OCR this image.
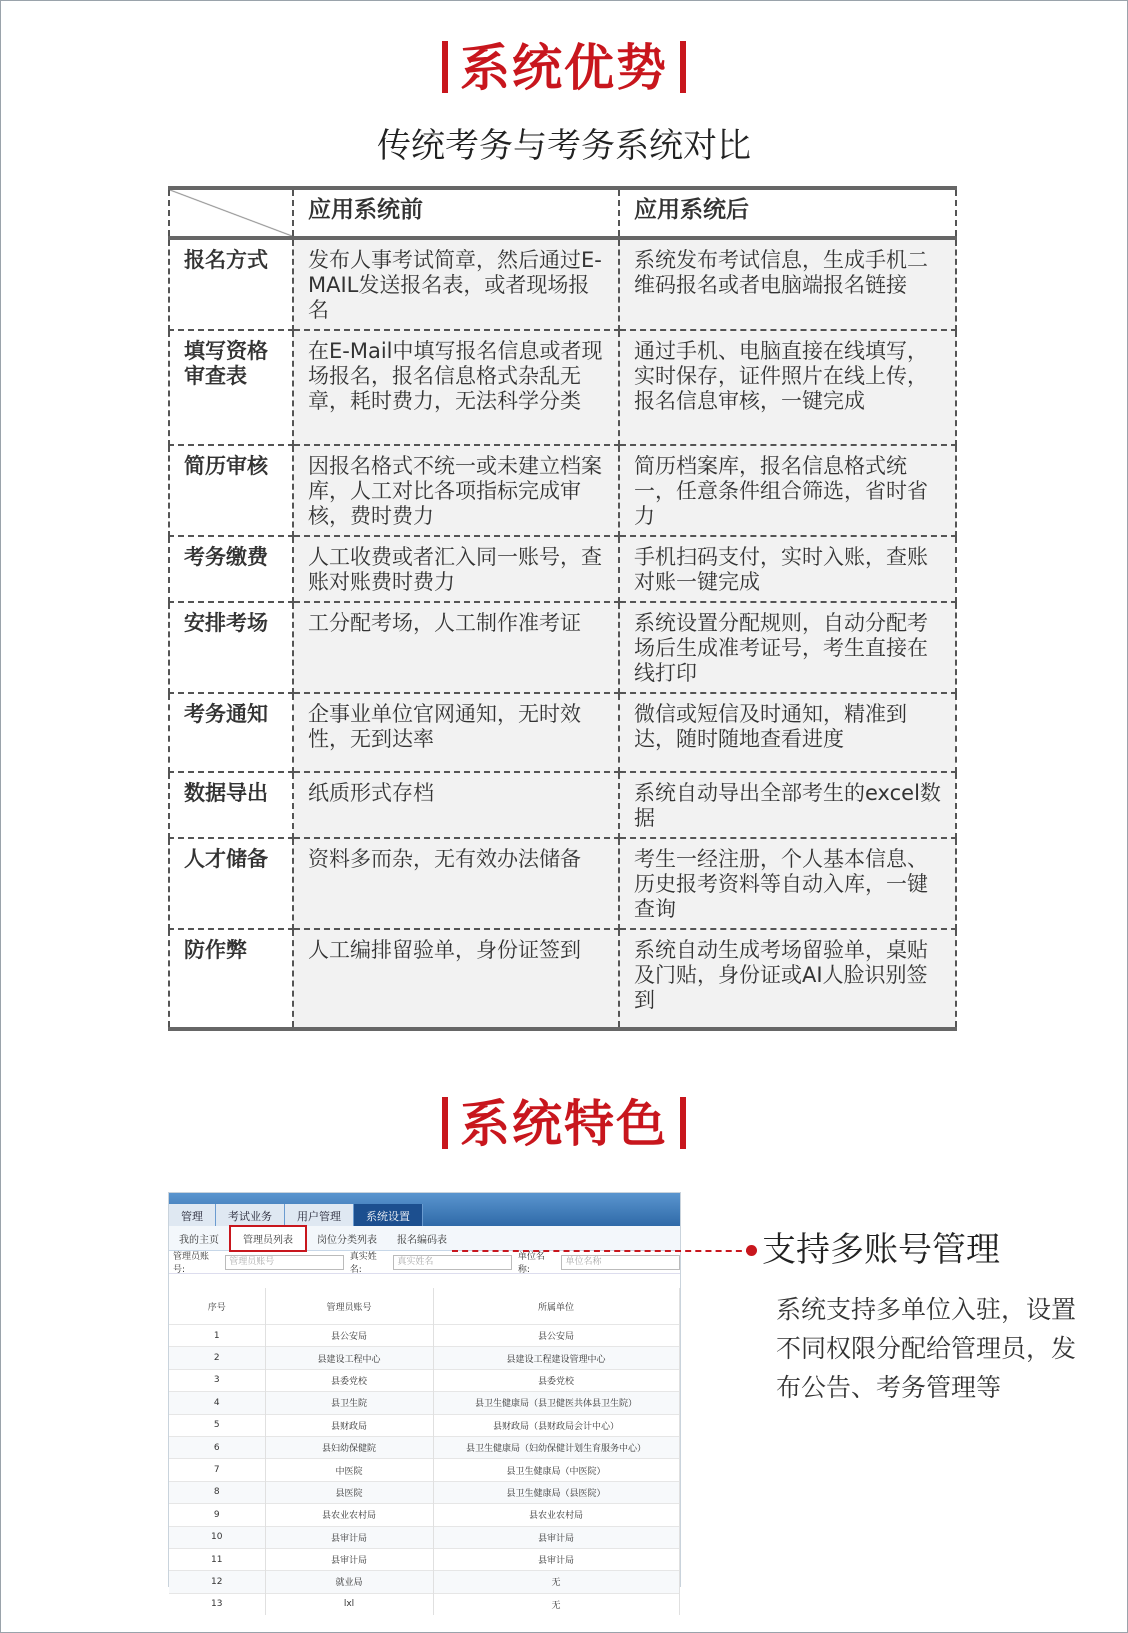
系统优势
传统考务与考务系统对比
	应用系统前	应用系统后
报名方式	发布人事考试简章，然后通过E-MAIL发送报名表，或者现场报名	系统发布考试信息，生成手机二维码报名或者电脑端报名链接
填写资格审查表	在E-Mail中填写报名信息或者现场报名，报名信息格式杂乱无章，耗时费力，无法科学分类	通过手机、电脑直接在线填写，实时保存，证件照片在线上传，报名信息审核，一键完成
简历审核	因报名格式不统一或未建立档案库，人工对比各项指标完成审核，费时费力	简历档案库，报名信息格式统一，任意条件组合筛选，省时省力
考务缴费	人工收费或者汇入同一账号，查账对账费时费力	手机扫码支付，实时入账，查账对账一键完成
安排考场	工分配考场，人工制作准考证	系统设置分配规则，自动分配考场后生成准考证号，考生直接在线打印
考务通知	企事业单位官网通知，无时效性，无到达率	微信或短信及时通知，精准到达，随时随地查看进度
数据导出	纸质形式存档	系统自动导出全部考生的excel数据
人才储备	资料多而杂，无有效办法储备	考生一经注册，个人基本信息、历史报考资料等自动入库，一键查询
防作弊	人工编排留验单，身份证签到	系统自动生成考场留验单，桌贴及门贴，身份证或AI人脸识别签到
系统特色
管理	考试业务	用户管理	系统设置
我的主页	管理员列表	岗位分类列表	报名编码表
管理员账号:
管理员账号	真实姓名:
真实姓名	单位名称:
单位名称
序号	管理员账号	所属单位
1	县公安局	县公安局
2	县建设工程中心	县建设工程建设管理中心
3	县委党校	县委党校
4	县卫生院	县卫生健康局（县卫健医共体县卫生院）
5	县财政局	县财政局（县财政局会计中心）
6	县妇幼保健院	县卫生健康局（妇幼保健计划生育服务中心）
7	中医院	县卫生健康局（中医院）
8	县医院	县卫生健康局（县医院）
9	县农业农村局	县农业农村局
10	县审计局	县审计局
11	县审计局	县审计局
12	就业局	无
13	lxl	无
支持多账号管理
系统支持多单位入驻，设置不同权限分配给管理员，发布公告、考务管理等
